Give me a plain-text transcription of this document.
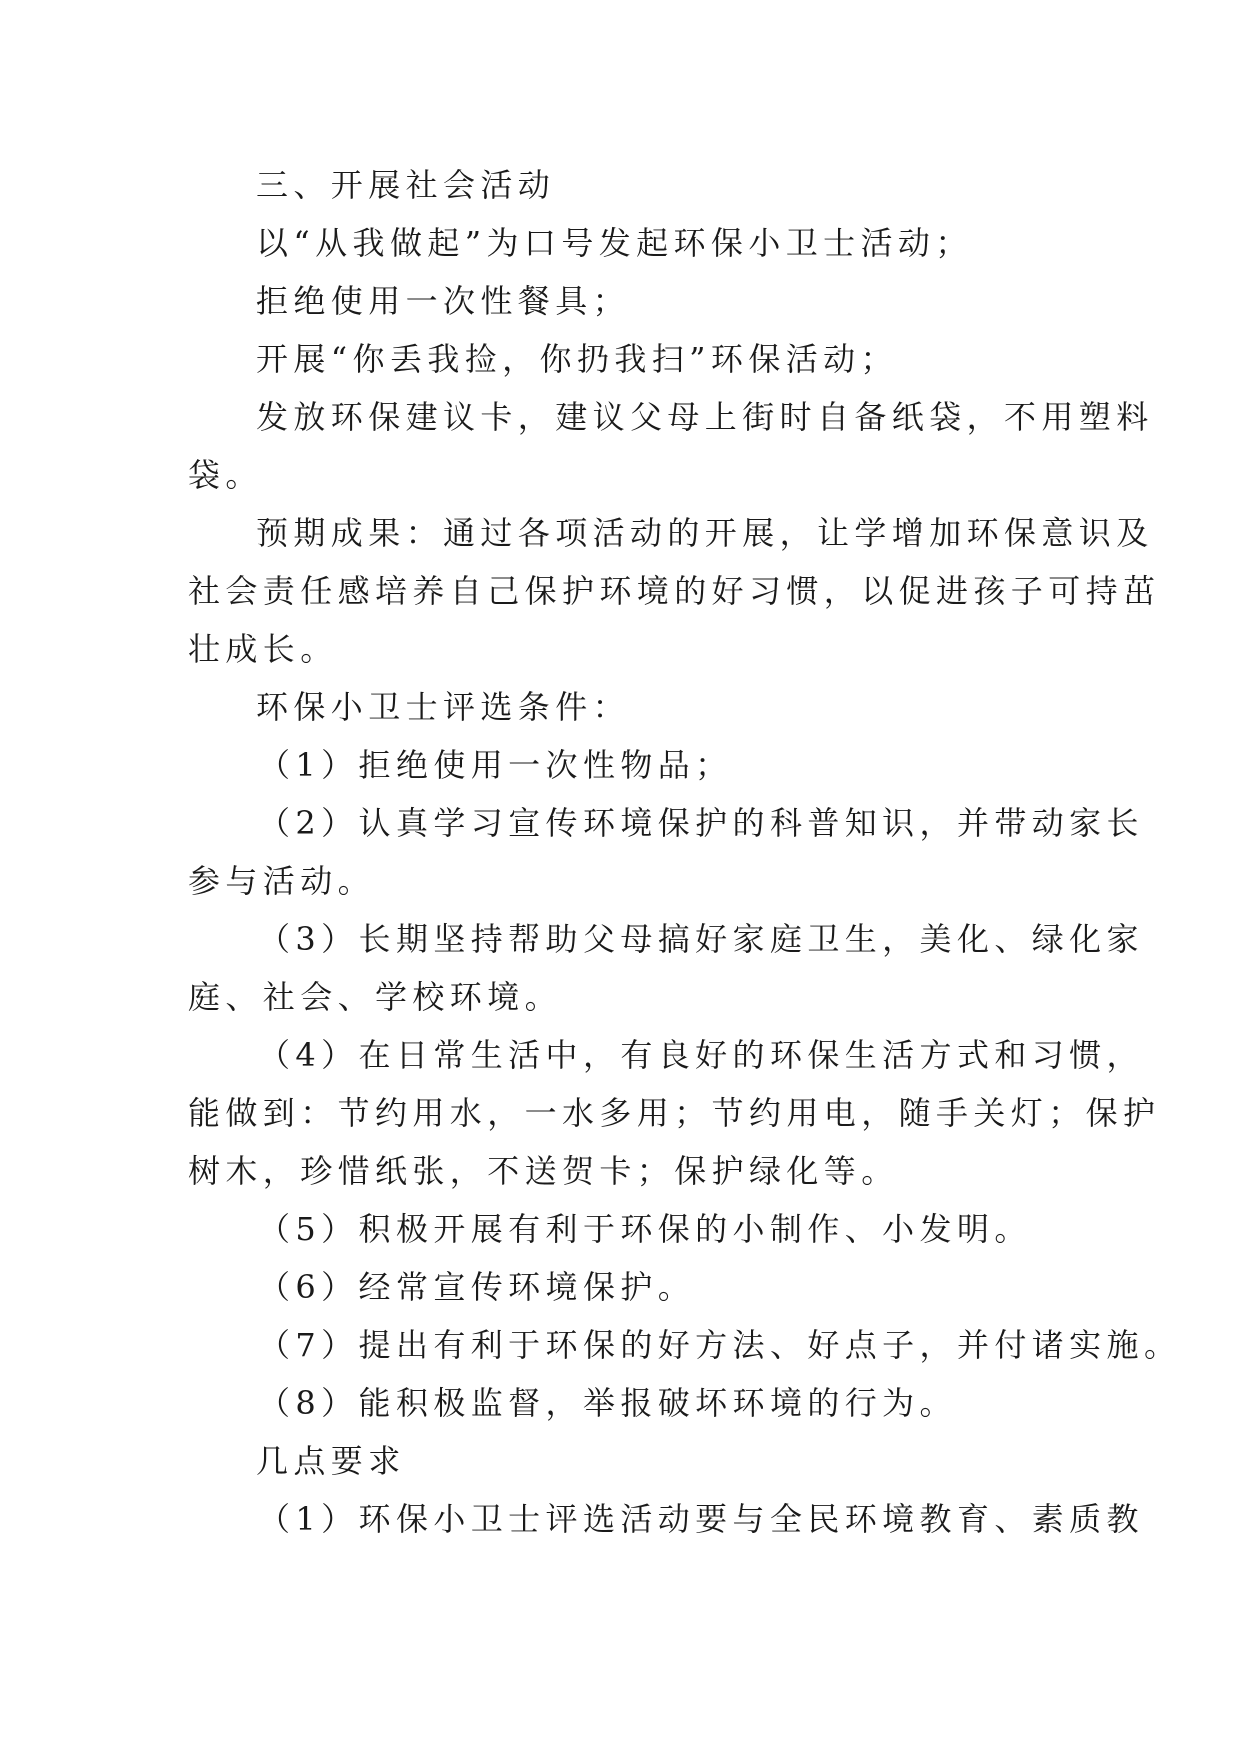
三、开展社会活动

以“从我做起”为口号发起环保小卫士活动；

拒绝使用一次性餐具；

开展“你丢我捡，你扔我扫”环保活动；

发放环保建议卡，建议父母上街时自备纸袋，不用塑料

袋。

预期成果：通过各项活动的开展，让学增加环保意识及

社会责任感培养自己保护环境的好习惯，以促进孩子可持茁

壮成长。

环保小卫士评选条件：

（1）拒绝使用一次性物品；

（2）认真学习宣传环境保护的科普知识，并带动家长

参与活动。

（3）长期坚持帮助父母搞好家庭卫生，美化、绿化家

庭、社会、学校环境。

（4）在日常生活中，有良好的环保生活方式和习惯，

能做到：节约用水，一水多用；节约用电，随手关灯；保护

树木，珍惜纸张，不送贺卡；保护绿化等。

（5）积极开展有利于环保的小制作、小发明。

（6）经常宣传环境保护。

（7）提出有利于环保的好方法、好点子，并付诸实施。

（8）能积极监督，举报破坏环境的行为。

几点要求

（1）环保小卫士评选活动要与全民环境教育、素质教
